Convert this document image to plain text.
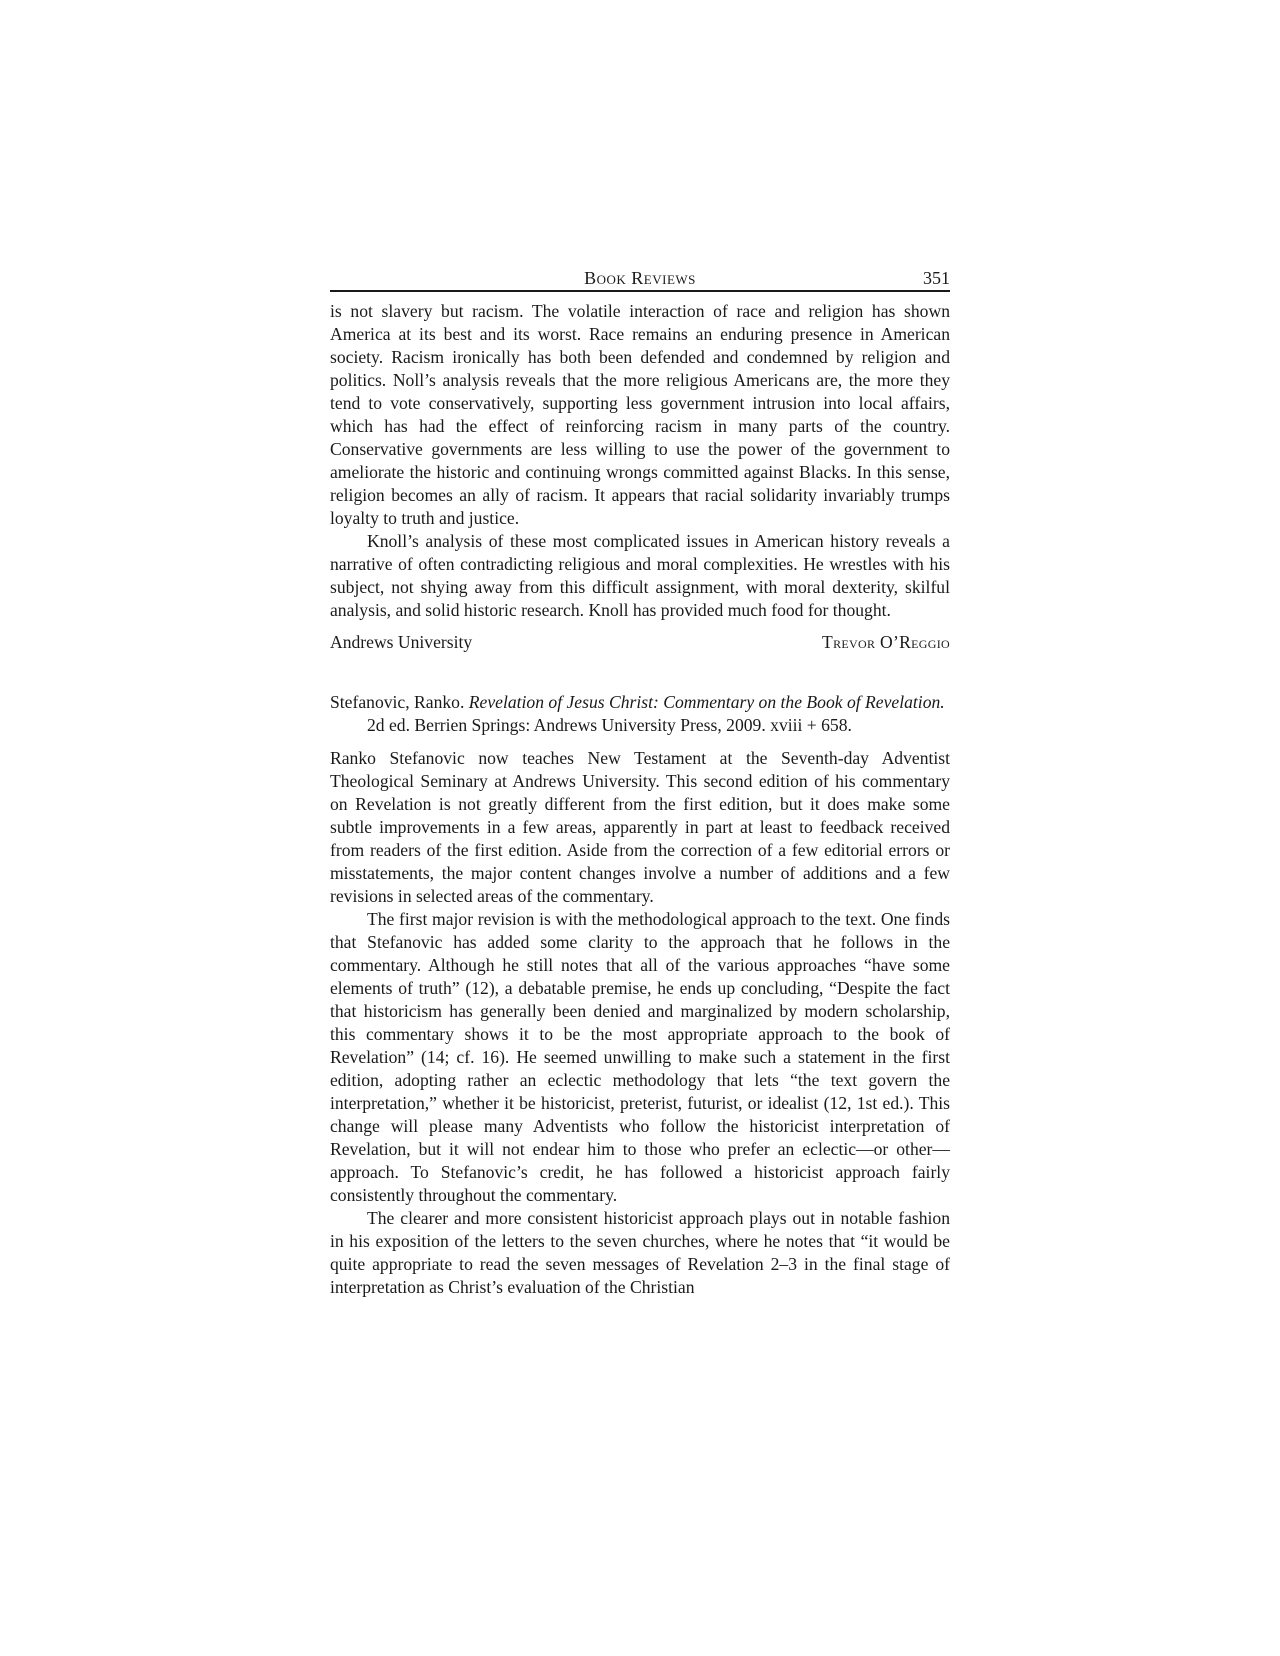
Book Reviews	351

is not slavery but racism. The volatile interaction of race and religion has shown America at its best and its worst. Race remains an enduring presence in American society. Racism ironically has both been defended and condemned by religion and politics. Noll’s analysis reveals that the more religious Americans are, the more they tend to vote conservatively, supporting less government intrusion into local affairs, which has had the effect of reinforcing racism in many parts of the country. Conservative governments are less willing to use the power of the government to ameliorate the historic and continuing wrongs committed against Blacks. In this sense, religion becomes an ally of racism. It appears that racial solidarity invariably trumps loyalty to truth and justice.

Knoll’s analysis of these most complicated issues in American history reveals a narrative of often contradicting religious and moral complexities. He wrestles with his subject, not shying away from this difficult assignment, with moral dexterity, skilful analysis, and solid historic research. Knoll has provided much food for thought.

Andrews University	Trevor O’Reggio
Stefanovic, Ranko. Revelation of Jesus Christ: Commentary on the Book of Revelation. 2d ed. Berrien Springs: Andrews University Press, 2009. xviii + 658.

Ranko Stefanovic now teaches New Testament at the Seventh-day Adventist Theological Seminary at Andrews University. This second edition of his commentary on Revelation is not greatly different from the first edition, but it does make some subtle improvements in a few areas, apparently in part at least to feedback received from readers of the first edition. Aside from the correction of a few editorial errors or misstatements, the major content changes involve a number of additions and a few revisions in selected areas of the commentary.

The first major revision is with the methodological approach to the text. One finds that Stefanovic has added some clarity to the approach that he follows in the commentary. Although he still notes that all of the various approaches “have some elements of truth” (12), a debatable premise, he ends up concluding, “Despite the fact that historicism has generally been denied and marginalized by modern scholarship, this commentary shows it to be the most appropriate approach to the book of Revelation” (14; cf. 16). He seemed unwilling to make such a statement in the first edition, adopting rather an eclectic methodology that lets “the text govern the interpretation,” whether it be historicist, preterist, futurist, or idealist (12, 1st ed.). This change will please many Adventists who follow the historicist interpretation of Revelation, but it will not endear him to those who prefer an eclectic—or other—approach. To Stefanovic’s credit, he has followed a historicist approach fairly consistently throughout the commentary.

The clearer and more consistent historicist approach plays out in notable fashion in his exposition of the letters to the seven churches, where he notes that “it would be quite appropriate to read the seven messages of Revelation 2–3 in the final stage of interpretation as Christ’s evaluation of the Christian
